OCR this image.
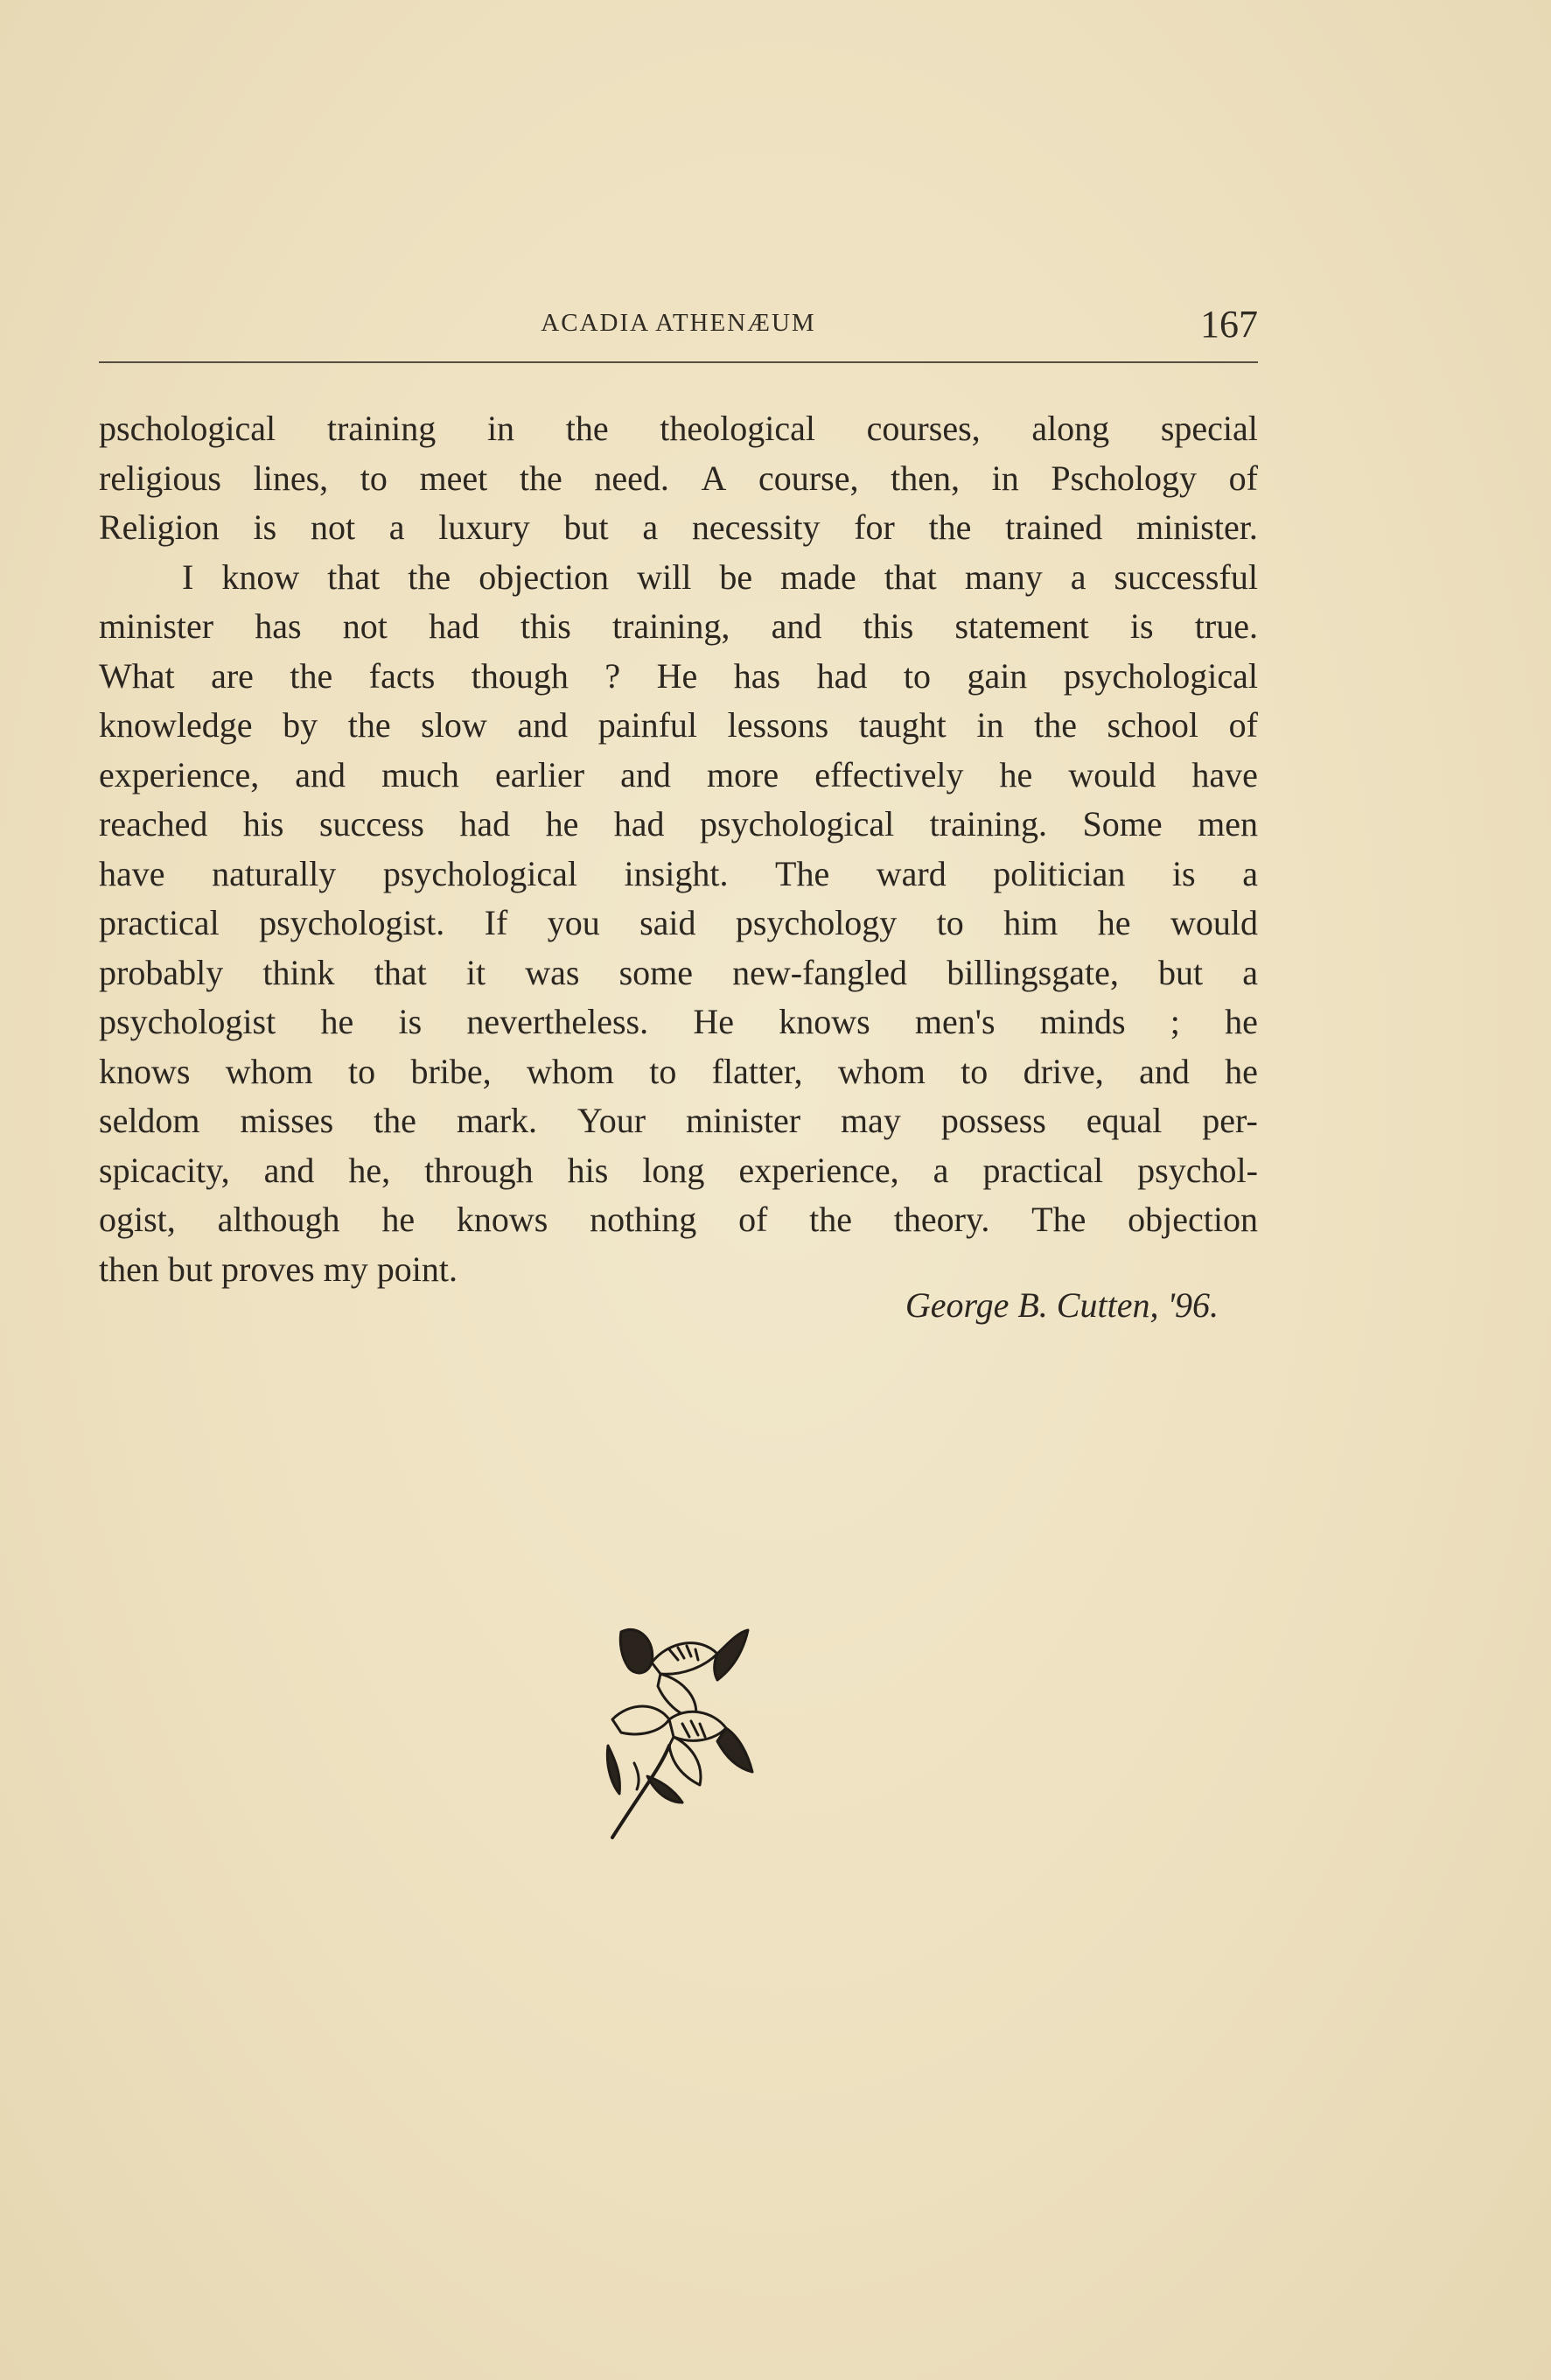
ACADIA ATHENÆUM	167
pschological training in the theological courses, along special
religious lines, to meet the need. A course, then, in Pschology of
Religion is not a luxury but a necessity for the trained minister.
I know that the objection will be made that many a successful
minister has not had this training, and this statement is true.
What are the facts though ? He has had to gain psychological
knowledge by the slow and painful lessons taught in the school of
experience, and much earlier and more effectively he would have
reached his success had he had psychological training. Some men
have naturally psychological insight. The ward politician is a
practical psychologist. If you said psychology to him he would
probably think that it was some new-fangled billingsgate, but a
psychologist he is nevertheless. He knows men's minds ; he
knows whom to bribe, whom to flatter, whom to drive, and he
seldom misses the mark. Your minister may possess equal per-
spicacity, and he, through his long experience, a practical psychol-
ogist, although he knows nothing of the theory. The objection
then
but
proves
my
point.
George B. Cutten, '96.
